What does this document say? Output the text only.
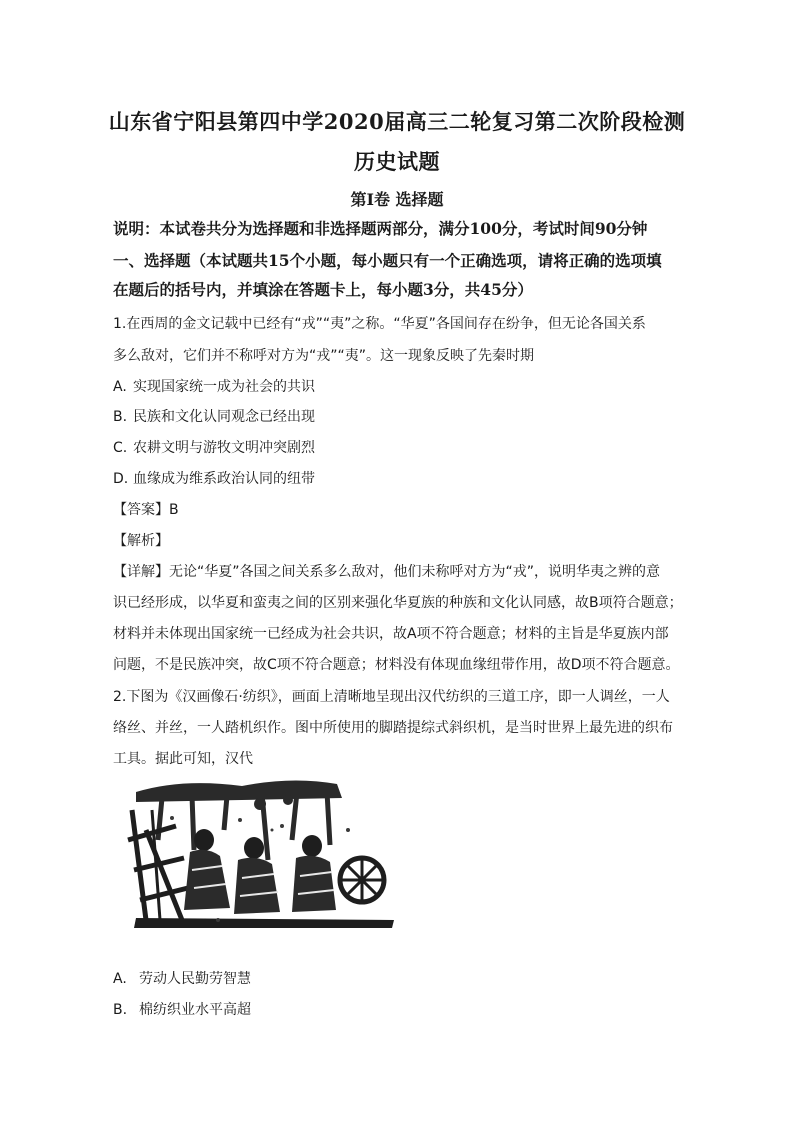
山东省宁阳县第四中学2020届高三二轮复习第二次阶段检测
历史试题
第Ⅰ卷 选择题
说明：本试卷共分为选择题和非选择题两部分，满分100分，考试时间90分钟
一、选择题（本试题共15个小题，每小题只有一个正确选项，请将正确的选项填
在题后的括号内，并填涂在答题卡上，每小题3分，共45分）
1.在西周的金文记载中已经有“戎”“夷”之称。“华夏”各国间存在纷争，但无论各国关系
多么敌对，它们并不称呼对方为“戎”“夷”。这一现象反映了先秦时期
A. 实现国家统一成为社会的共识
B. 民族和文化认同观念已经出现
C. 农耕文明与游牧文明冲突剧烈
D. 血缘成为维系政治认同的纽带
【答案】B
【解析】
【详解】无论“华夏”各国之间关系多么敌对，他们未称呼对方为“戎”，说明华夷之辨的意
识已经形成，以华夏和蛮夷之间的区别来强化华夏族的种族和文化认同感，故B项符合题意；
材料并未体现出国家统一已经成为社会共识，故A项不符合题意；材料的主旨是华夏族内部
问题，不是民族冲突，故C项不符合题意；材料没有体现血缘纽带作用，故D项不符合题意。
2.下图为《汉画像石·纺织》，画面上清晰地呈现出汉代纺织的三道工序，即一人调丝，一人
络丝、并丝，一人踏机织作。图中所使用的脚踏提综式斜织机，是当时世界上最先进的织布
工具。据此可知，汉代
A. 劳动人民勤劳智慧
B. 棉纺织业水平高超
